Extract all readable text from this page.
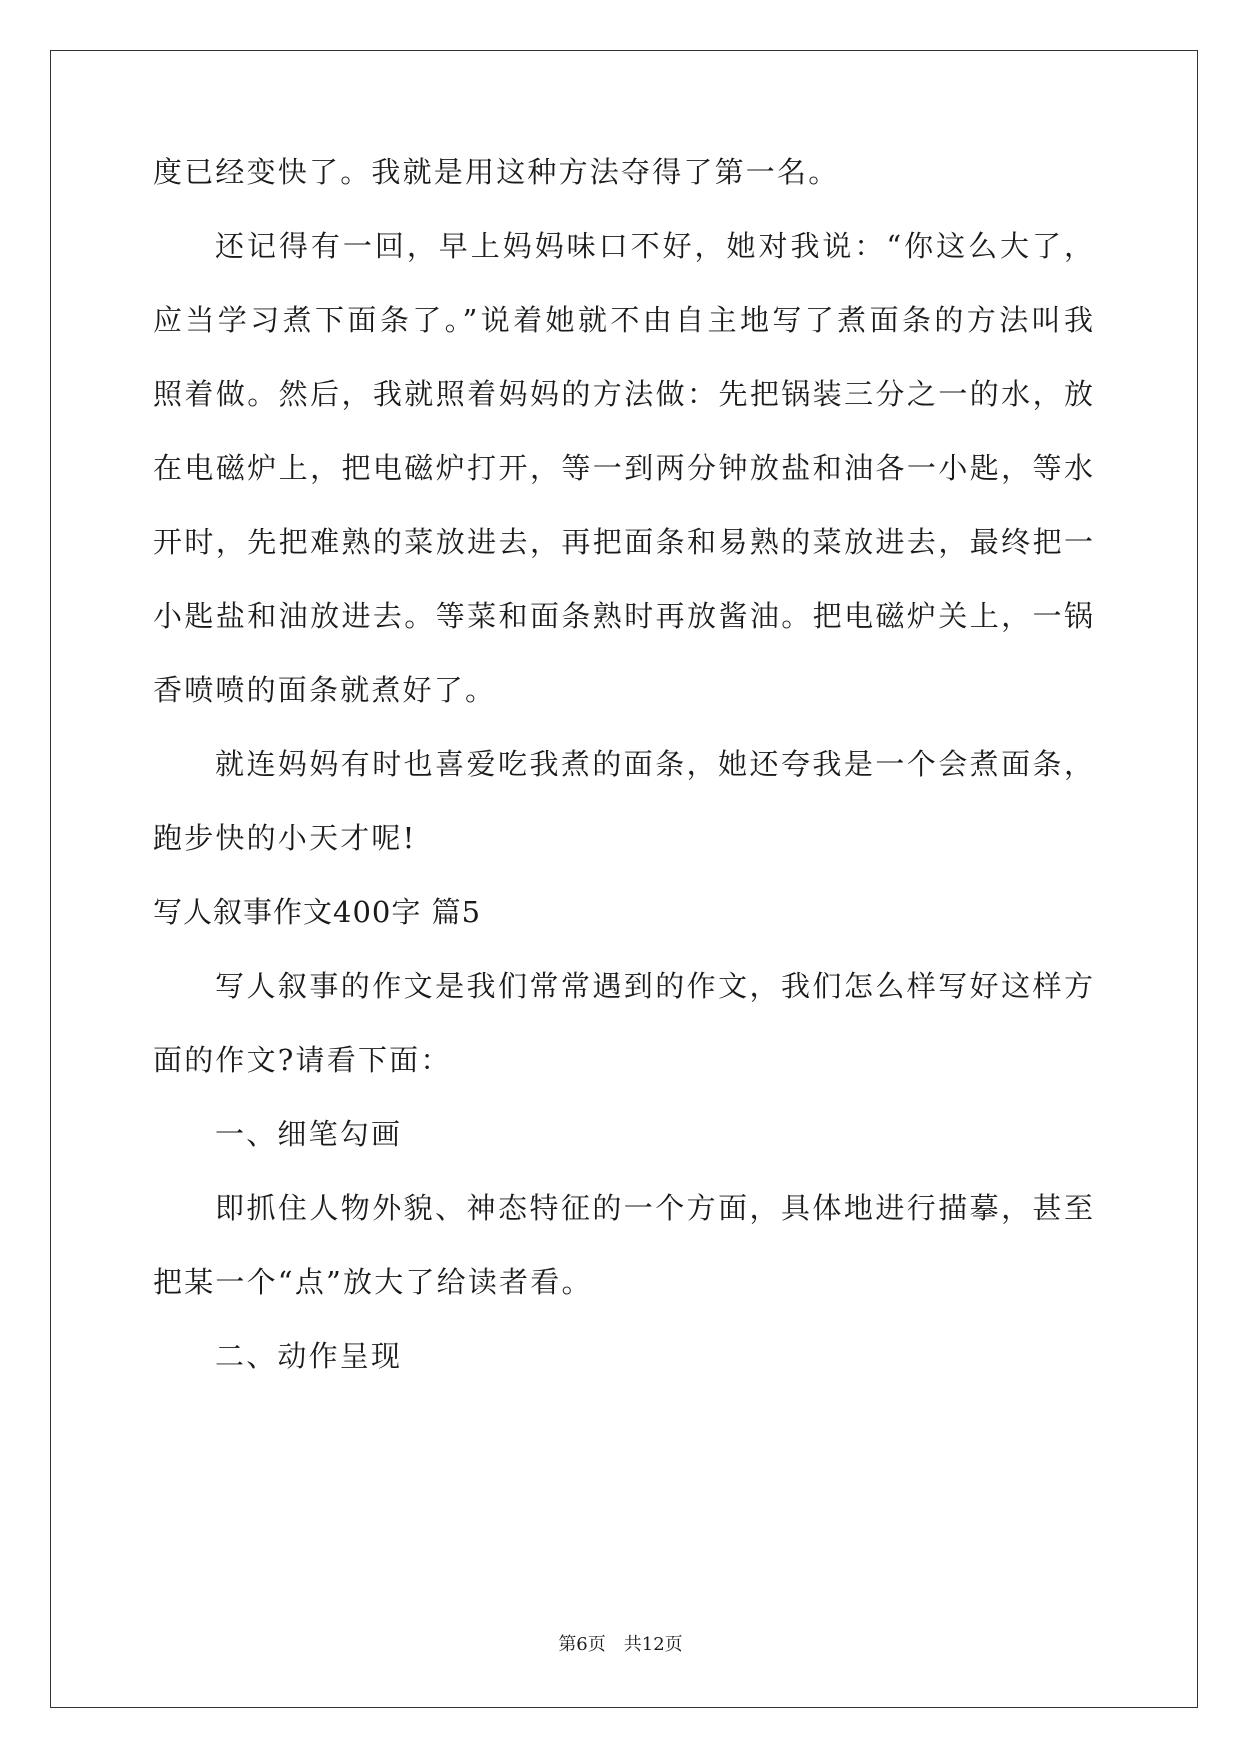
度已经变快了。我就是用这种方法夺得了第一名。
还记得有一回，早上妈妈味口不好，她对我说：“你这么大了，
应当学习煮下面条了。”说着她就不由自主地写了煮面条的方法叫我
照着做。然后，我就照着妈妈的方法做：先把锅装三分之一的水，放
在电磁炉上，把电磁炉打开，等一到两分钟放盐和油各一小匙，等水
开时，先把难熟的菜放进去，再把面条和易熟的菜放进去，最终把一
小匙盐和油放进去。等菜和面条熟时再放酱油。把电磁炉关上，一锅
香喷喷的面条就煮好了。
就连妈妈有时也喜爱吃我煮的面条，她还夸我是一个会煮面条，
跑步快的小天才呢!
写人叙事作文400字 篇5
写人叙事的作文是我们常常遇到的作文，我们怎么样写好这样方
面的作文?请看下面：
一、细笔勾画
即抓住人物外貌、神态特征的一个方面，具体地进行描摹，甚至
把某一个“点”放大了给读者看。
二、动作呈现
第6页 共12页
